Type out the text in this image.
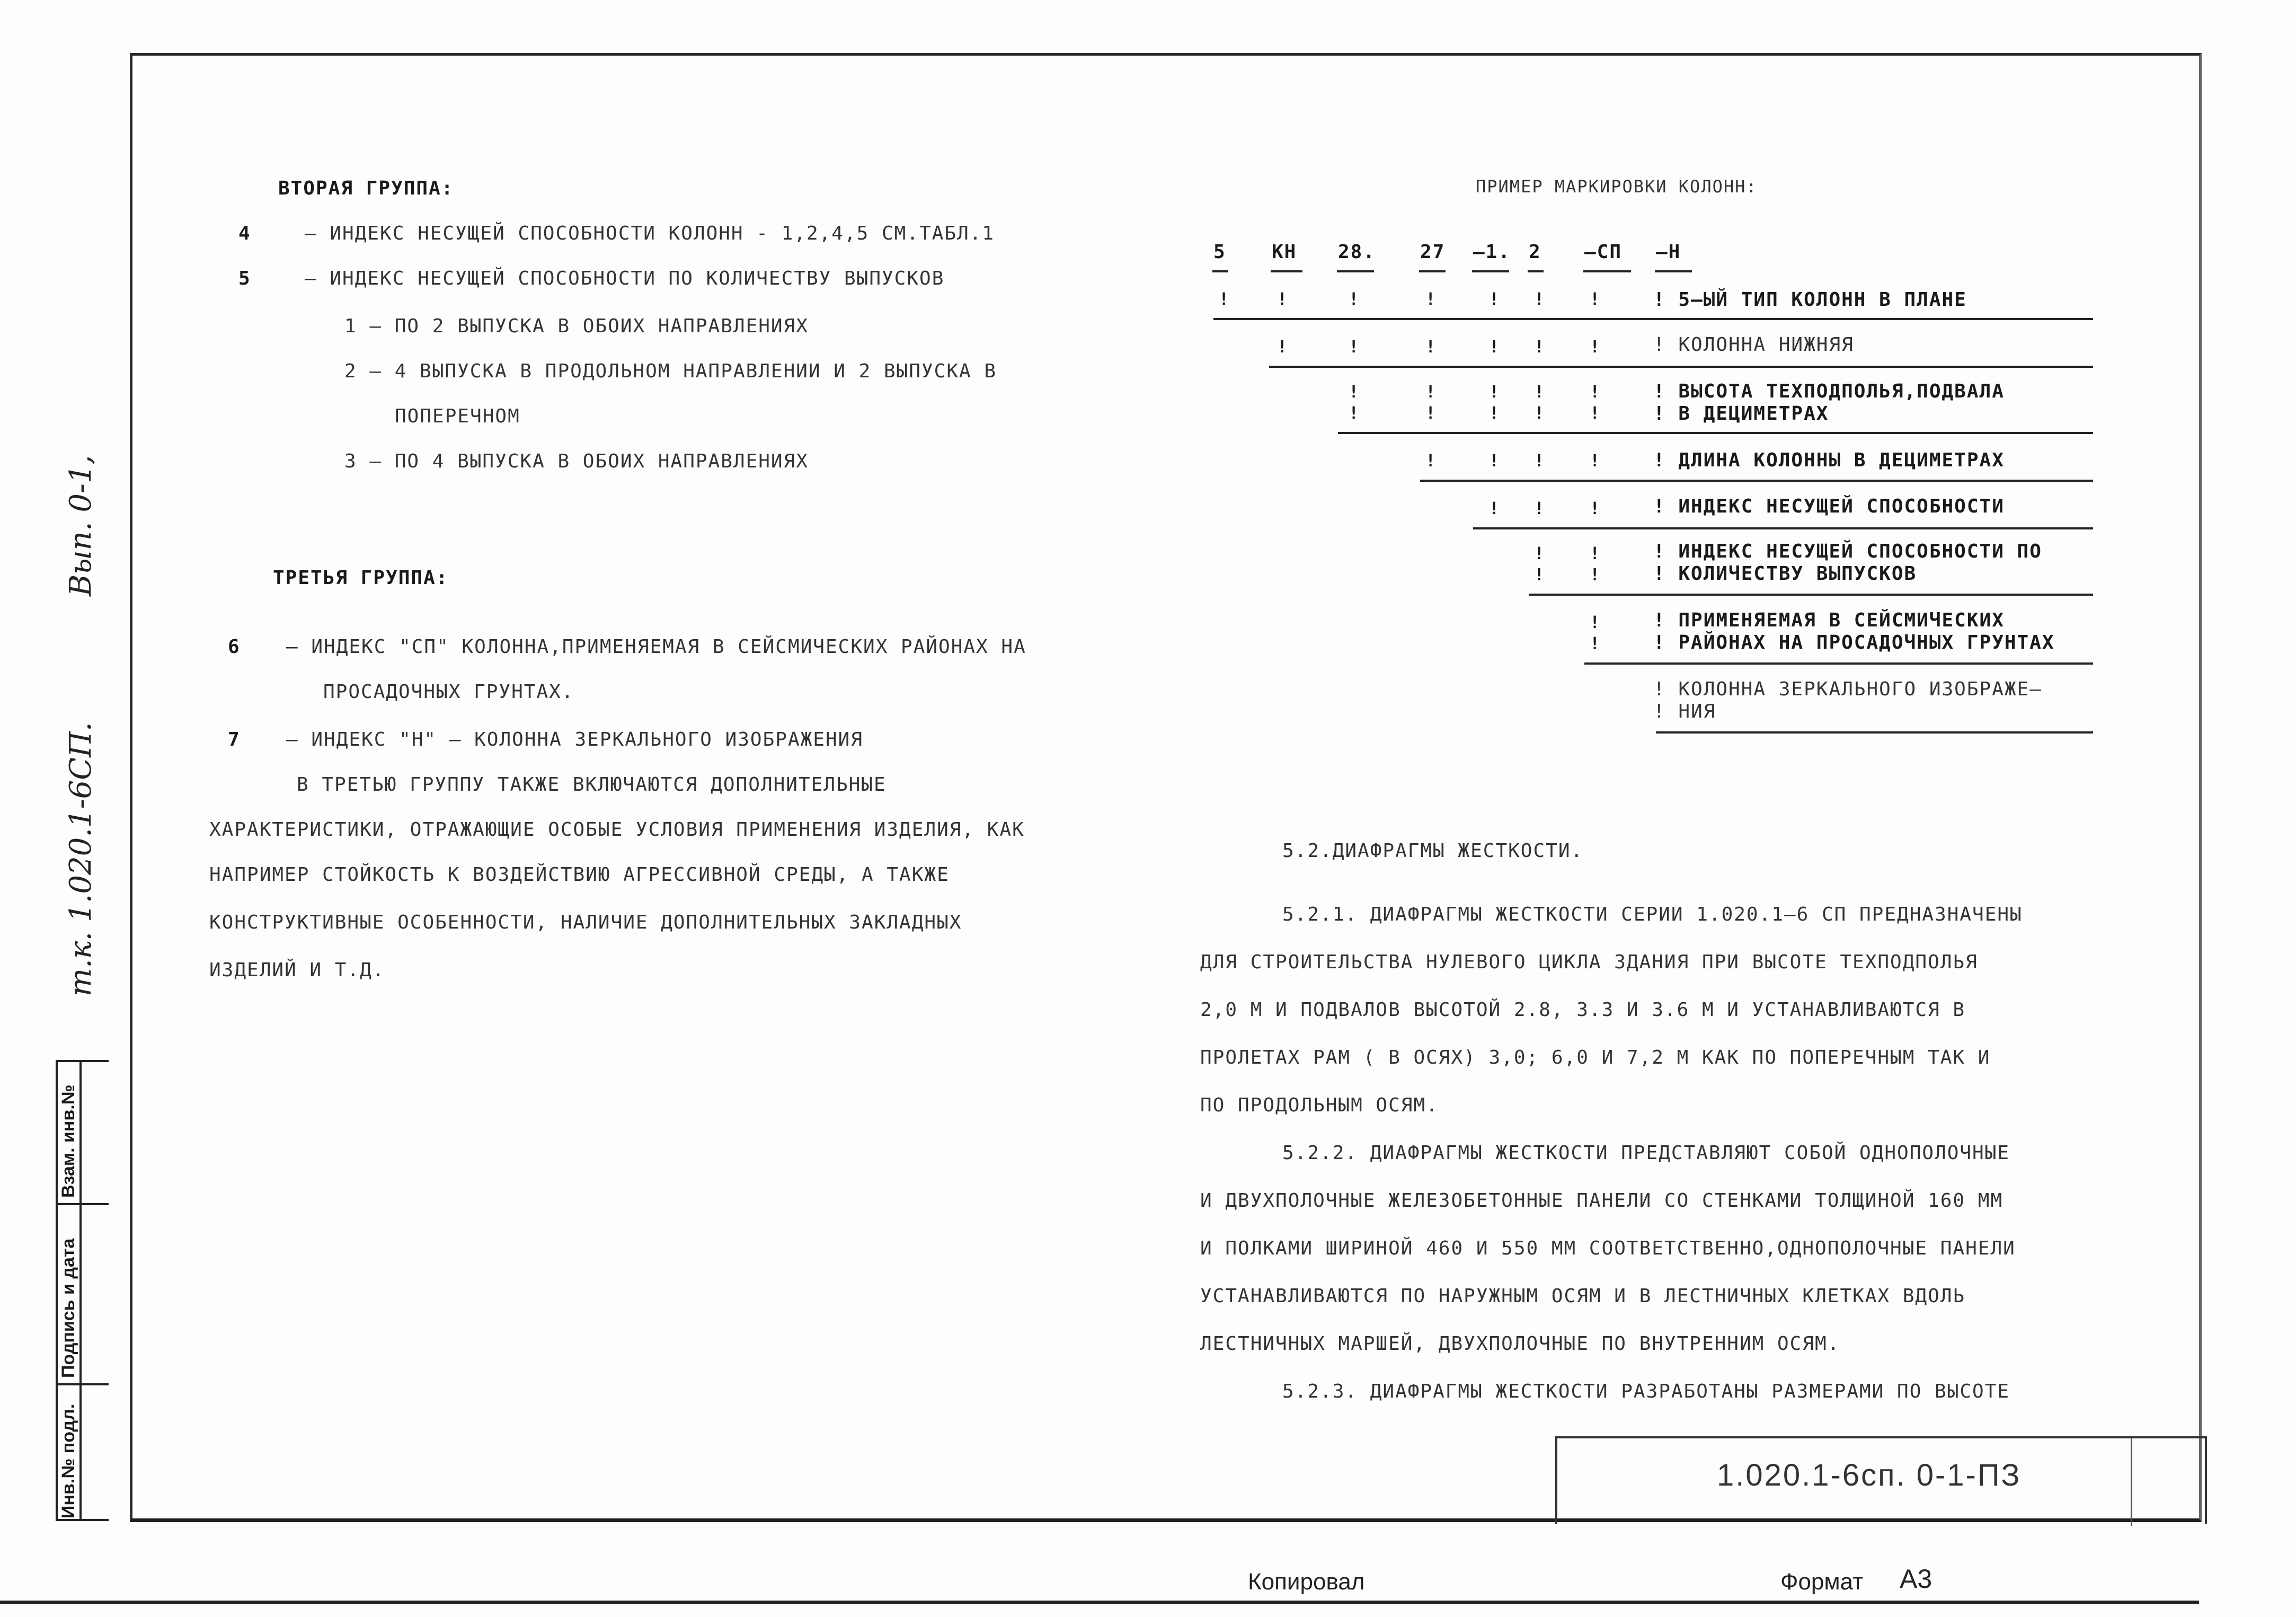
Вып. 0-1,
т.к. 1.020.1-6СП.
Инв.№ подл.
Подпись и дата
Взам. инв.№
ВТОРАЯ ГРУППА:
4	– ИНДЕКС НЕСУЩЕЙ СПОСОБНОСТИ КОЛОНН - 1,2,4,5 СМ.ТАБЛ.1
5	– ИНДЕКС НЕСУЩЕЙ СПОСОБНОСТИ ПО КОЛИЧЕСТВУ ВЫПУСКОВ
1 – ПО 2 ВЫПУСКА В ОБОИХ НАПРАВЛЕНИЯХ
2 – 4 ВЫПУСКА В ПРОДОЛЬНОМ НАПРАВЛЕНИИ И 2 ВЫПУСКА В
ПОПЕРЕЧНОМ
3 – ПО 4 ВЫПУСКА В ОБОИХ НАПРАВЛЕНИЯХ
ТРЕТЬЯ ГРУППА:
6 – ИНДЕКС "СП" КОЛОННА,ПРИМЕНЯЕМАЯ В СЕЙСМИЧЕСКИХ РАЙОНАХ НА
ПРОСАДОЧНЫХ ГРУНТАХ.
7 – ИНДЕКС "Н" – КОЛОННА ЗЕРКАЛЬНОГО ИЗОБРАЖЕНИЯ
В ТРЕТЬЮ ГРУППУ ТАКЖЕ ВКЛЮЧАЮТСЯ ДОПОЛНИТЕЛЬНЫЕ
ХАРАКТЕРИСТИКИ, ОТРАЖАЮЩИЕ ОСОБЫЕ УСЛОВИЯ ПРИМЕНЕНИЯ ИЗДЕЛИЯ, КАК
НАПРИМЕР СТОЙКОСТЬ К ВОЗДЕЙСТВИЮ АГРЕССИВНОЙ СРЕДЫ, А ТАКЖЕ
КОНСТРУКТИВНЫЕ ОСОБЕННОСТИ, НАЛИЧИЕ ДОПОЛНИТЕЛЬНЫХ ЗАКЛАДНЫХ
ИЗДЕЛИЙ И Т.Д.
ПРИМЕР МАРКИРОВКИ КОЛОНН:
5 КН 28. 27 –1. 2 –СП –Н
!	!	!	!	! !	!
!	!	!	! !	!
!	!	! !	!
!	!	! !	!
!	! !	!
! !	!
!	!
!	!
!
!
! 5–ЫЙ ТИП КОЛОНН В ПЛАНЕ
! КОЛОННА НИЖНЯЯ
! ВЫСОТА ТЕХПОДПОЛЬЯ,ПОДВАЛА
! В ДЕЦИМЕТРАХ
! ДЛИНА КОЛОННЫ В ДЕЦИМЕТРАХ
! ИНДЕКС НЕСУЩЕЙ СПОСОБНОСТИ
! ИНДЕКС НЕСУЩЕЙ СПОСОБНОСТИ ПО
! КОЛИЧЕСТВУ ВЫПУСКОВ
! ПРИМЕНЯЕМАЯ В СЕЙСМИЧЕСКИХ
! РАЙОНАХ НА ПРОСАДОЧНЫХ ГРУНТАХ
! КОЛОННА ЗЕРКАЛЬНОГО ИЗОБРАЖЕ–
! НИЯ
5.2.ДИАФРАГМЫ ЖЕСТКОСТИ.
5.2.1. ДИАФРАГМЫ ЖЕСТКОСТИ СЕРИИ 1.020.1–6 СП ПРЕДНАЗНАЧЕНЫ
ДЛЯ СТРОИТЕЛЬСТВА НУЛЕВОГО ЦИКЛА ЗДАНИЯ ПРИ ВЫСОТЕ ТЕХПОДПОЛЬЯ
2,0 М И ПОДВАЛОВ ВЫСОТОЙ 2.8, 3.3 И 3.6 М И УСТАНАВЛИВАЮТСЯ В
ПРОЛЕТАХ РАМ ( В ОСЯХ) 3,0; 6,0 И 7,2 М КАК ПО ПОПЕРЕЧНЫМ ТАК И
ПО ПРОДОЛЬНЫМ ОСЯМ.
5.2.2. ДИАФРАГМЫ ЖЕСТКОСТИ ПРЕДСТАВЛЯЮТ СОБОЙ ОДНОПОЛОЧНЫЕ
И ДВУХПОЛОЧНЫЕ ЖЕЛЕЗОБЕТОННЫЕ ПАНЕЛИ СО СТЕНКАМИ ТОЛЩИНОЙ 160 ММ
И ПОЛКАМИ ШИРИНОЙ 460 И 550 ММ СООТВЕТСТВЕННО,ОДНОПОЛОЧНЫЕ ПАНЕЛИ
УСТАНАВЛИВАЮТСЯ ПО НАРУЖНЫМ ОСЯМ И В ЛЕСТНИЧНЫХ КЛЕТКАХ ВДОЛЬ
ЛЕСТНИЧНЫХ МАРШЕЙ, ДВУХПОЛОЧНЫЕ ПО ВНУТРЕННИМ ОСЯМ.
5.2.3. ДИАФРАГМЫ ЖЕСТКОСТИ РАЗРАБОТАНЫ РАЗМЕРАМИ ПО ВЫСОТЕ
1.020.1-6сп. 0-1-ПЗ
Копировал	Формат А3
